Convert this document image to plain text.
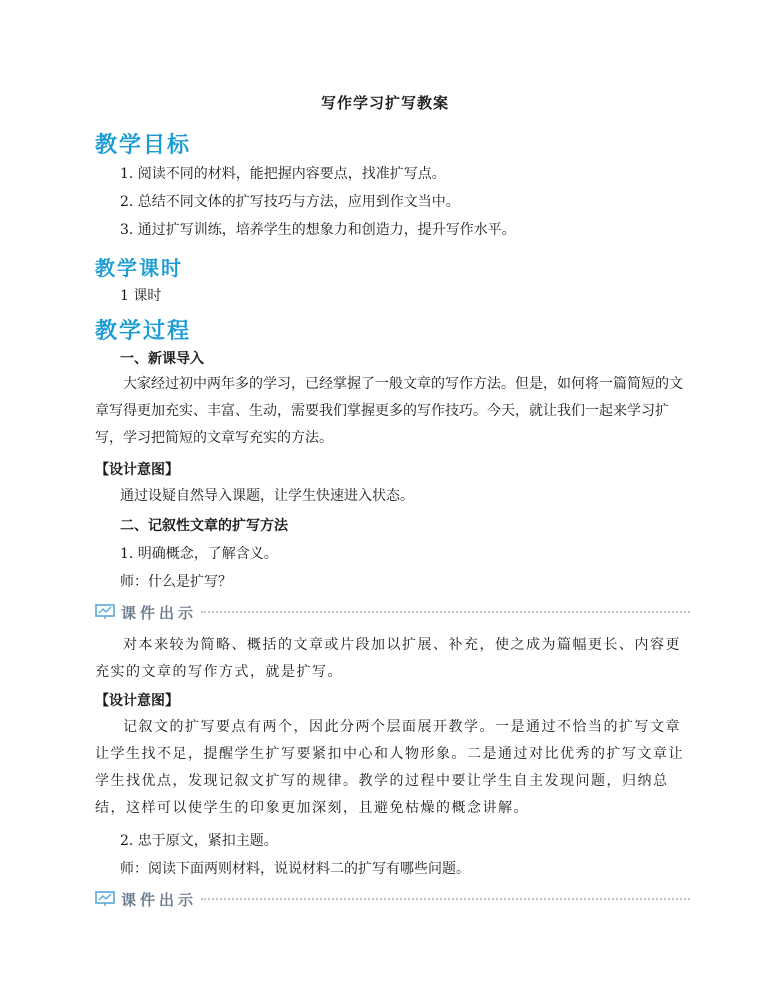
写作学习扩写教案
教学目标
1. 阅读不同的材料，能把握内容要点，找准扩写点。
2. 总结不同文体的扩写技巧与方法，应用到作文当中。
3. 通过扩写训练，培养学生的想象力和创造力，提升写作水平。
教学课时
1 课时
教学过程
一、新课导入
大家经过初中两年多的学习，已经掌握了一般文章的写作方法。但是，如何将一篇简短的文章写得更加充实、丰富、生动，需要我们掌握更多的写作技巧。今天，就让我们一起来学习扩写，学习把简短的文章写充实的方法。
【设计意图】
通过设疑自然导入课题，让学生快速进入状态。
二、记叙性文章的扩写方法
1. 明确概念，了解含义。
师：什么是扩写？
课件出示
对本来较为简略、概括的文章或片段加以扩展、补充，使之成为篇幅更长、内容更充实的文章的写作方式，就是扩写。
【设计意图】
记叙文的扩写要点有两个，因此分两个层面展开教学。一是通过不恰当的扩写文章让学生找不足，提醒学生扩写要紧扣中心和人物形象。二是通过对比优秀的扩写文章让学生找优点，发现记叙文扩写的规律。教学的过程中要让学生自主发现问题，归纳总结，这样可以使学生的印象更加深刻，且避免枯燥的概念讲解。
2. 忠于原文，紧扣主题。
师：阅读下面两则材料，说说材料二的扩写有哪些问题。
课件出示
